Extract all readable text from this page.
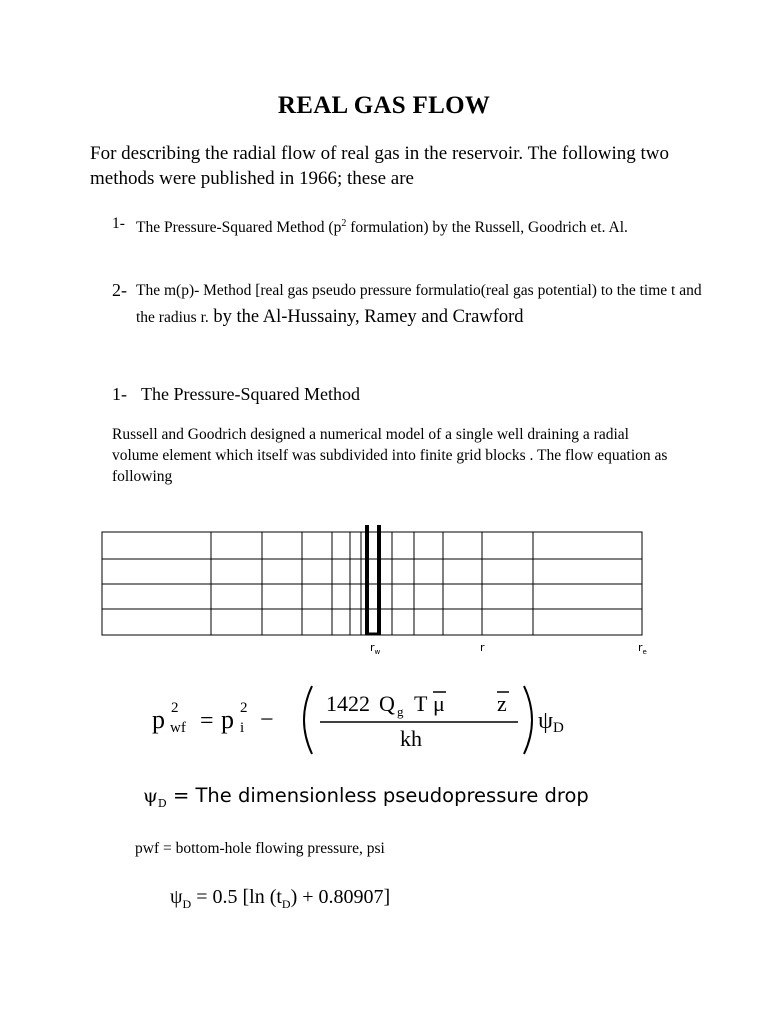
REAL GAS FLOW
For describing the radial flow of real gas in the reservoir. The following two methods were published in 1966; these are
1- The Pressure-Squared Method ($p^2$ formulation) by the Russell, Goodrich et. Al.
2- The m(p)- Method [real gas pseudo pressure formulatio(real gas potential) to the time t and the radius r. by the Al-Hussainy, Ramey and Crawford
1- The Pressure-Squared Method
Russell and Goodrich designed a numerical model of a single well draining a radial volume element which itself was subdivided into finite grid blocks . The flow equation as following
$r_w$	r	$r_e$
p 2
wf = p 2
i −
1422 Q g T μ z
kh
ψ D
$\psi_D$ = The dimensionless pseudopressure drop
pwf = bottom-hole flowing pressure, psi
$\psi_D = 0.5$ [ln $(t_D) + 0.80907$]
